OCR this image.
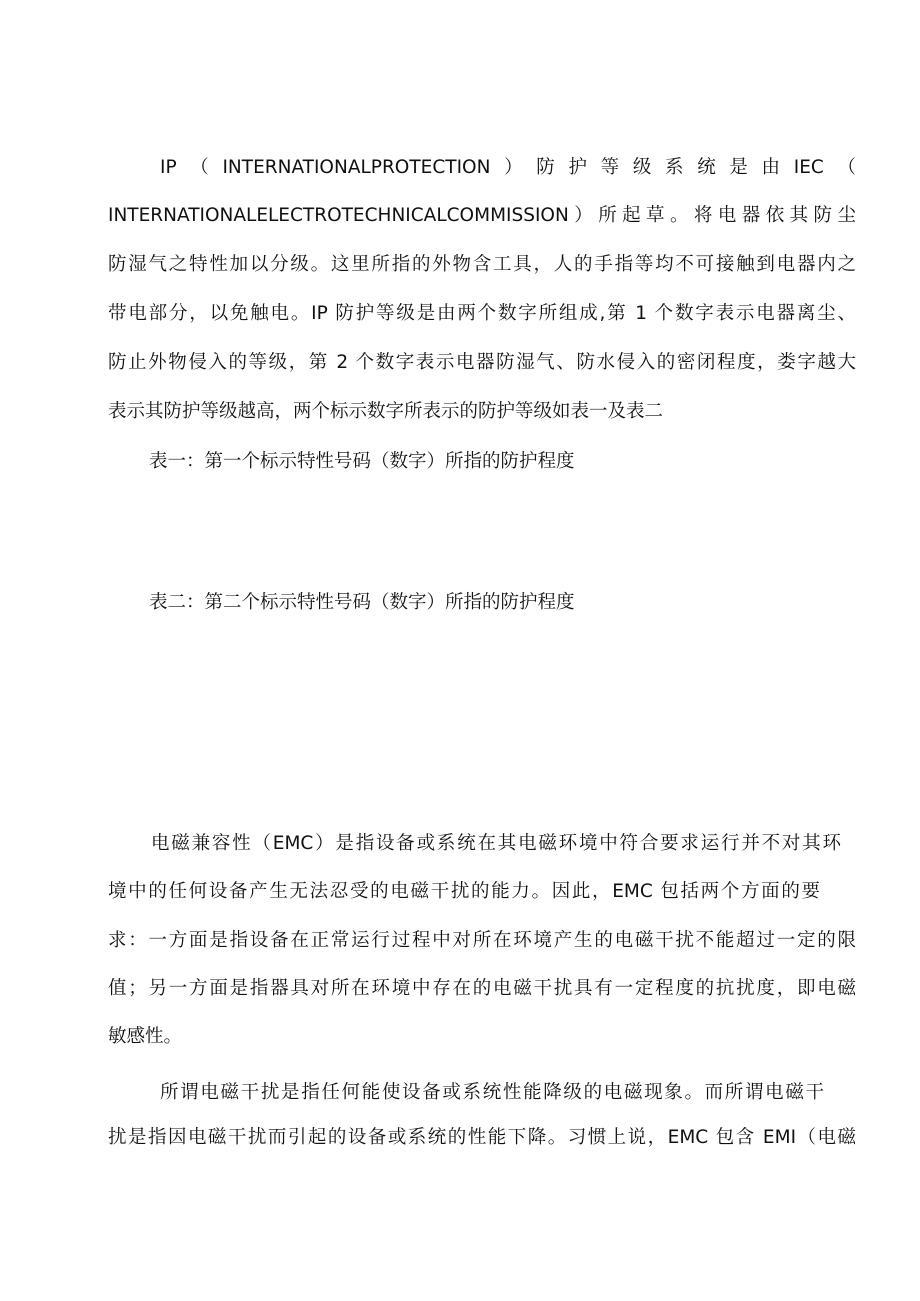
IP（INTERNATIONALPROTECTION）防护等级系统是由IEC（

INTERNATIONALELECTROTECHNICALCOMMISSION）所起草。将电器依其防尘

防湿气之特性加以分级。这里所指的外物含工具，人的手指等均不可接触到电器内之

带电部分，以免触电。IP 防护等级是由两个数字所组成,第 1 个数字表示电器离尘、

防止外物侵入的等级，第 2 个数字表示电器防湿气、防水侵入的密闭程度，娄字越大

表示其防护等级越高，两个标示数字所表示的防护等级如表一及表二

表一：第一个标示特性号码（数字）所指的防护程度

表二：第二个标示特性号码（数字）所指的防护程度

电磁兼容性（EMC）是指设备或系统在其电磁环境中符合要求运行并不对其环

境中的任何设备产生无法忍受的电磁干扰的能力。因此，EMC 包括两个方面的要

求：一方面是指设备在正常运行过程中对所在环境产生的电磁干扰不能超过一定的限

值；另一方面是指器具对所在环境中存在的电磁干扰具有一定程度的抗扰度，即电磁

敏感性。

所谓电磁干扰是指任何能使设备或系统性能降级的电磁现象。而所谓电磁干

扰是指因电磁干扰而引起的设备或系统的性能下降。习惯上说，EMC 包含 EMI（电磁
